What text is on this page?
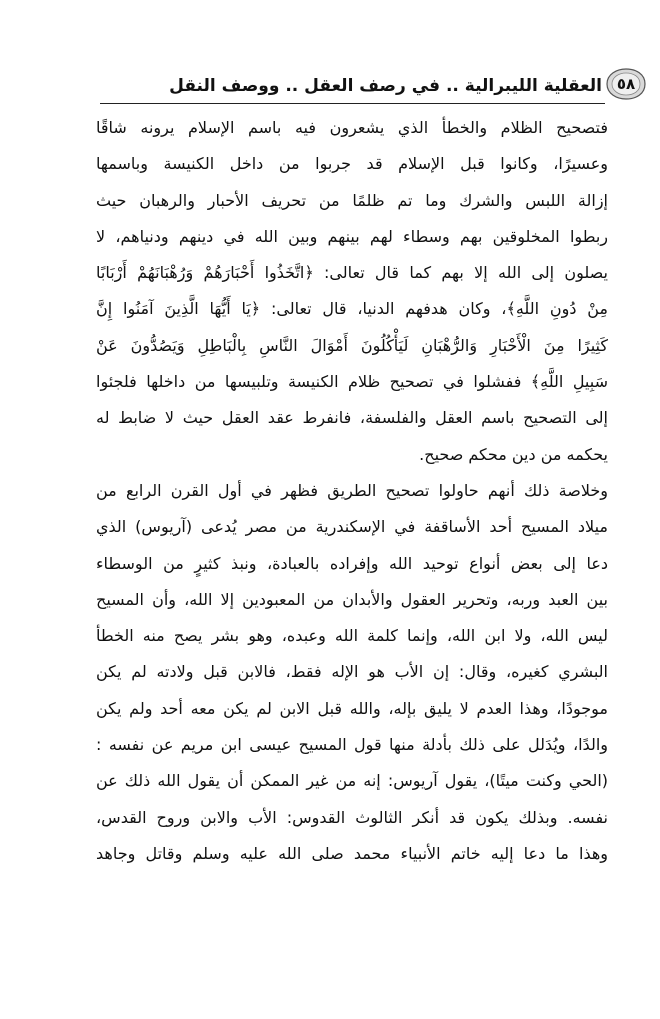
٥٨
العقلية الليبرالية .. في رصف العقل .. ووصف النقل
فتصحيح الظلام والخطأ الذي يشعرون فيه باسم الإسلام يرونه شاقًا
وعسيرًا، وكانوا قبل الإسلام قد جربوا من داخل الكنيسة وباسمها
إزالة اللبس والشرك وما تم ظلمًا من تحريف الأحبار والرهبان حيث
ربطوا المخلوقين بهم وسطاء لهم بينهم وبين الله في دينهم ودنياهم، لا
يصلون إلى الله إلا بهم كما قال تعالى: ﴿اتَّخَذُوا أَحْبَارَهُمْ وَرُهْبَانَهُمْ أَرْبَابًا
مِنْ دُونِ اللَّهِ﴾، وكان هدفهم الدنيا، قال تعالى: ﴿يَا أَيُّهَا الَّذِينَ آمَنُوا إِنَّ
كَثِيرًا مِنَ الْأَحْبَارِ وَالرُّهْبَانِ لَيَأْكُلُونَ أَمْوَالَ النَّاسِ بِالْبَاطِلِ وَيَصُدُّونَ عَنْ
سَبِيلِ اللَّهِ﴾ ففشلوا في تصحيح ظلام الكنيسة وتلبيسها من داخلها فلجئوا
إلى التصحيح باسم العقل والفلسفة، فانفرط عقد العقل حيث لا ضابط له
يحكمه من دين محكم صحيح.
وخلاصة ذلك أنهم حاولوا تصحيح الطريق فظهر في أول القرن الرابع من
ميلاد المسيح أحد الأساقفة في الإسكندرية من مصر يُدعى (آريوس) الذي
دعا إلى بعض أنواع توحيد الله وإفراده بالعبادة، ونبذ كثيرٍ من الوسطاء
بين العبد وربه، وتحرير العقول والأبدان من المعبودين إلا الله، وأن المسيح
ليس الله، ولا ابن الله، وإنما كلمة الله وعبده، وهو بشر يصح منه الخطأ
البشري كغيره، وقال: إن الأب هو الإله فقط، فالابن قبل ولادته لم يكن
موجودًا، وهذا العدم لا يليق بإله، والله قبل الابن لم يكن معه أحد ولم يكن
والدًا، ويُدَلل على ذلك بأدلة منها قول المسيح عيسى ابن مريم عن نفسه :
(الحي وكنت ميتًا)، يقول آريوس: إنه من غير الممكن أن يقول الله ذلك عن
نفسه. وبذلك يكون قد أنكر الثالوث القدوس: الأب والابن وروح القدس،
وهذا ما دعا إليه خاتم الأنبياء محمد صلى الله عليه وسلم وقاتل وجاهد
